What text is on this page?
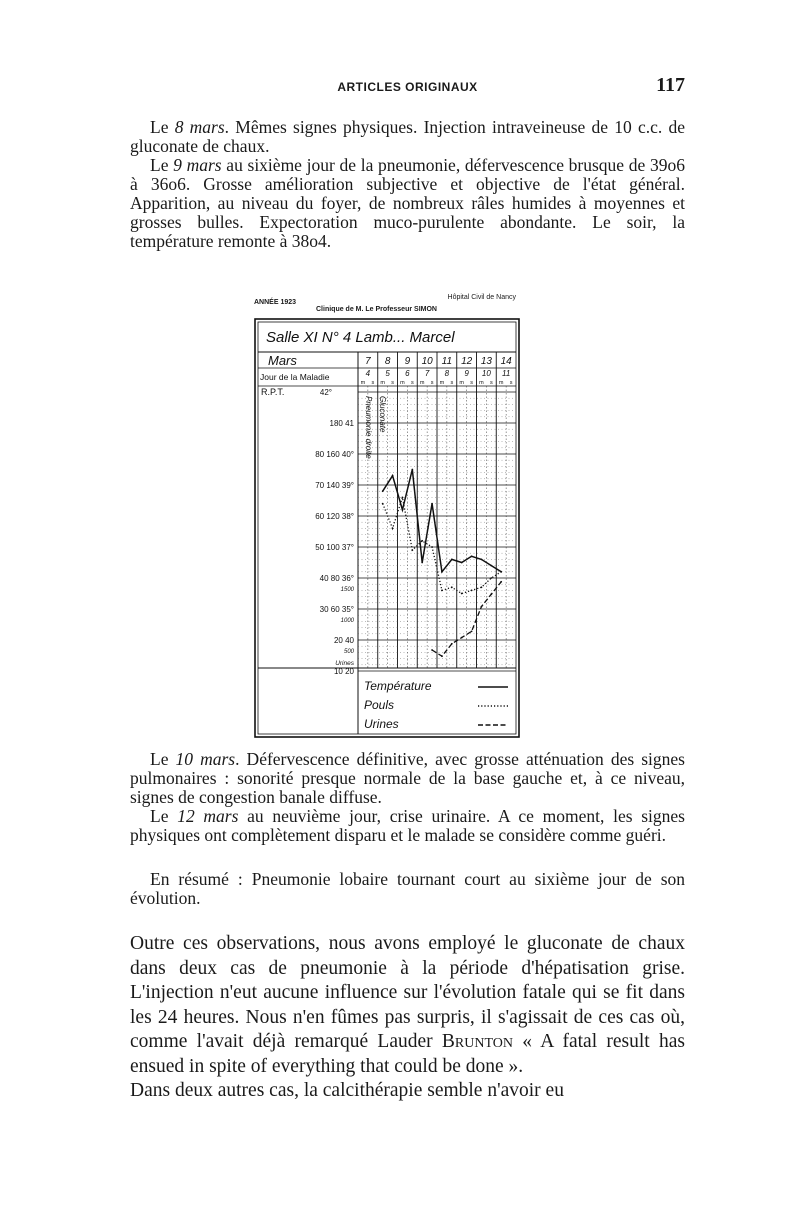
ARTICLES ORIGINAUX	117

Le 8 mars. Mêmes signes physiques. Injection intraveineuse de 10 c.c. de gluconate de chaux.

Le 9 mars au sixième jour de la pneumonie, défervescence brusque de 39o6 à 36o6. Grosse amélioration subjective et objective de l'état général. Apparition, au niveau du foyer, de nombreux râles humides à moyennes et grosses bulles. Expectoration muco-purulente abondante. Le soir, la température remonte à 38o4.

ANNÉE 1923
Hôpital Civil de Nancy
Clinique de M. Le Professeur SIMON
Salle XI N° 4 Lamb... Marcel
Mars
Jour de la Maladie
7
4
m s
8
5
m s
9
6
m s
10
7
m s
11
8
m s
12
9
m s
13
10
m s
14
11
m s
R.P.T.	42°
180 41
80 160 40°
70 140 39°
60 120 38°
50 100 37°
40 80 36°
1500
30 60 35°
1000
20 40
500
10 20
Urines
Pneumonie droite Gluconate
Température
Pouls
Urines

Le 10 mars. Défervescence définitive, avec grosse atténuation des signes pulmonaires : sonorité presque normale de la base gauche et, à ce niveau, signes de congestion banale diffuse.

Le 12 mars au neuvième jour, crise urinaire. A ce moment, les signes physiques ont complètement disparu et le malade se considère comme guéri.

En résumé : Pneumonie lobaire tournant court au sixième jour de son évolution.

Outre ces observations, nous avons employé le gluconate de chaux dans deux cas de pneumonie à la période d'hépatisation grise. L'injection n'eut aucune influence sur l'évolution fatale qui se fit dans les 24 heures. Nous n'en fûmes pas surpris, il s'agissait de ces cas où, comme l'avait déjà remarqué Lauder Brunton « A fatal result has ensued in spite of everything that could be done ».

Dans deux autres cas, la calcithérapie semble n'avoir eu
